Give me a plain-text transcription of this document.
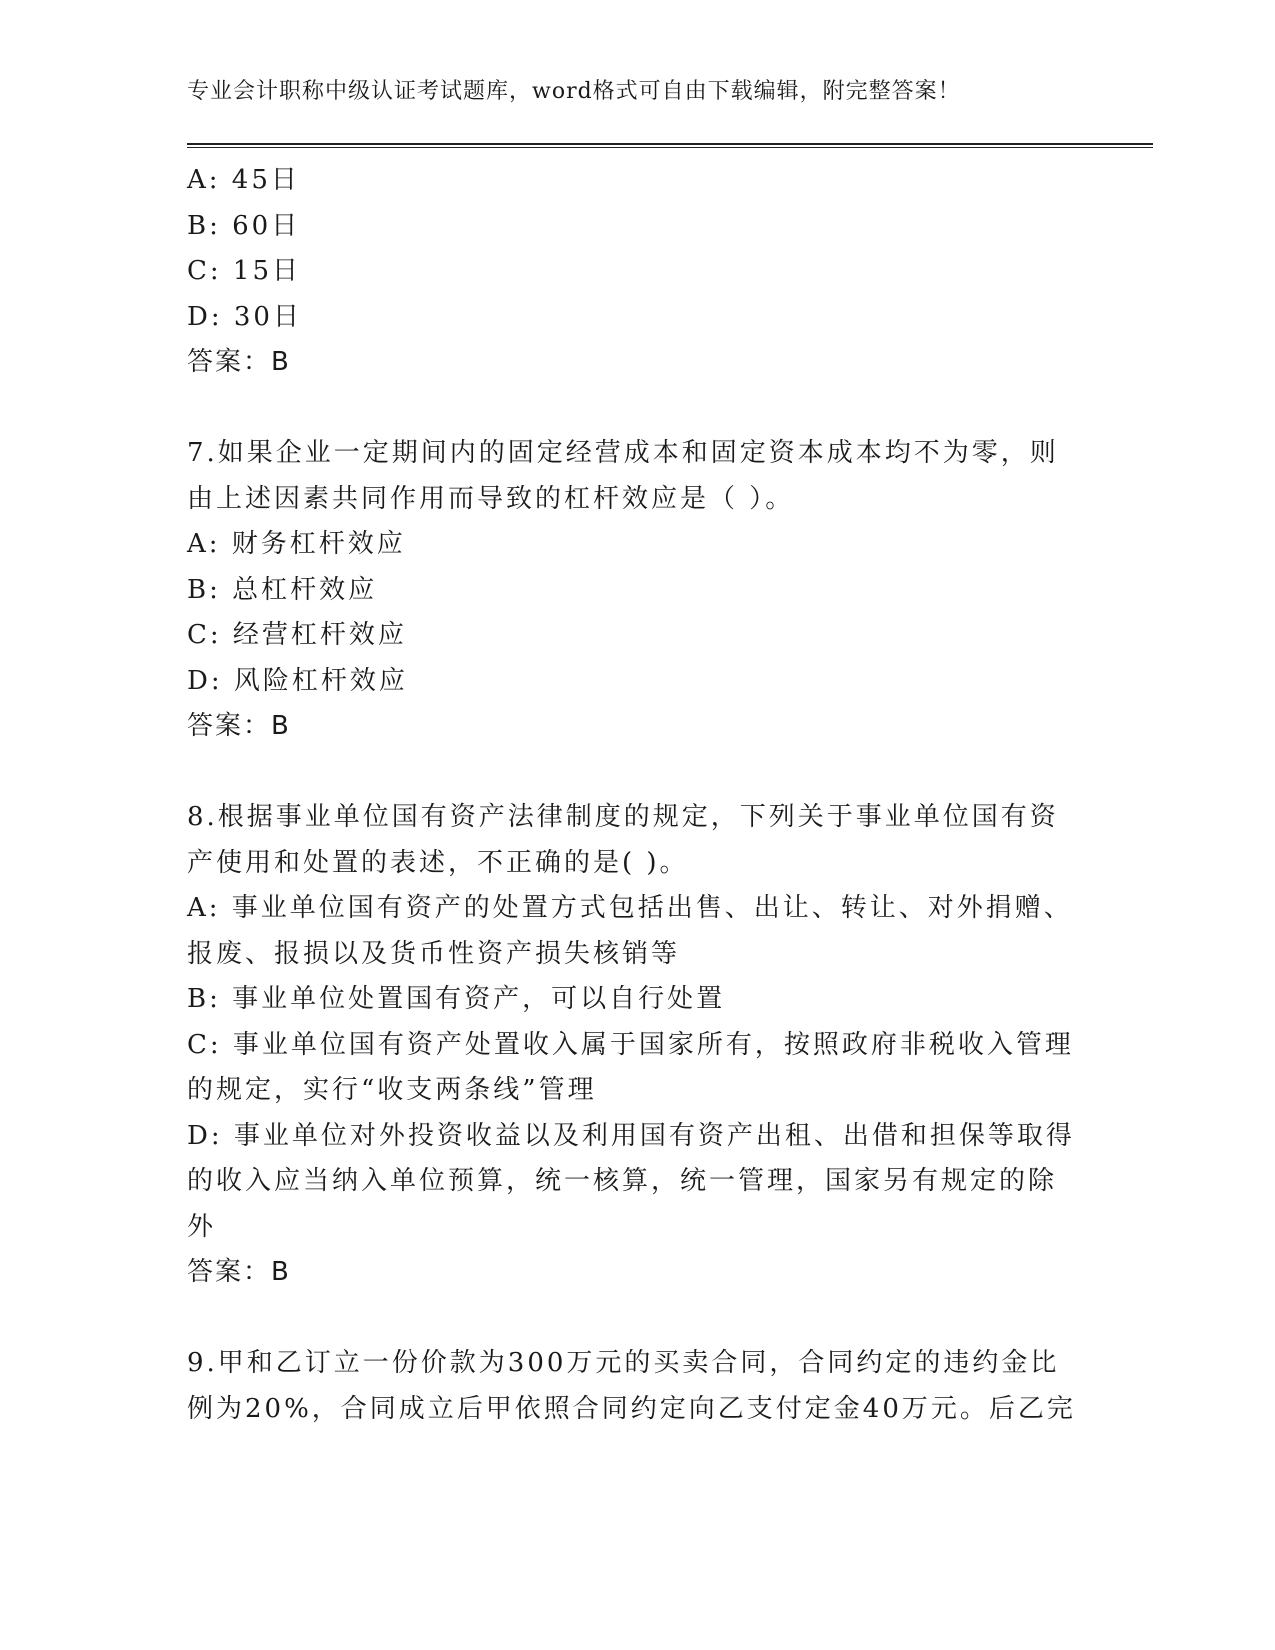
专业会计职称中级认证考试题库，word格式可自由下载编辑，附完整答案！
A: 45日
B: 60日
C: 15日
D: 30日
答案：B
7.如果企业一定期间内的固定经营成本和固定资本成本均不为零，则
由上述因素共同作用而导致的杠杆效应是（ ）。
A: 财务杠杆效应
B: 总杠杆效应
C: 经营杠杆效应
D: 风险杠杆效应
答案：B
8.根据事业单位国有资产法律制度的规定，下列关于事业单位国有资
产使用和处置的表述，不正确的是( )。
A: 事业单位国有资产的处置方式包括出售、出让、转让、对外捐赠、
报废、报损以及货币性资产损失核销等
B: 事业单位处置国有资产，可以自行处置
C: 事业单位国有资产处置收入属于国家所有，按照政府非税收入管理
的规定，实行“收支两条线”管理
D: 事业单位对外投资收益以及利用国有资产出租、出借和担保等取得
的收入应当纳入单位预算，统一核算，统一管理，国家另有规定的除
外
答案：B
9.甲和乙订立一份价款为300万元的买卖合同，合同约定的违约金比
例为20%，合同成立后甲依照合同约定向乙支付定金40万元。后乙完
